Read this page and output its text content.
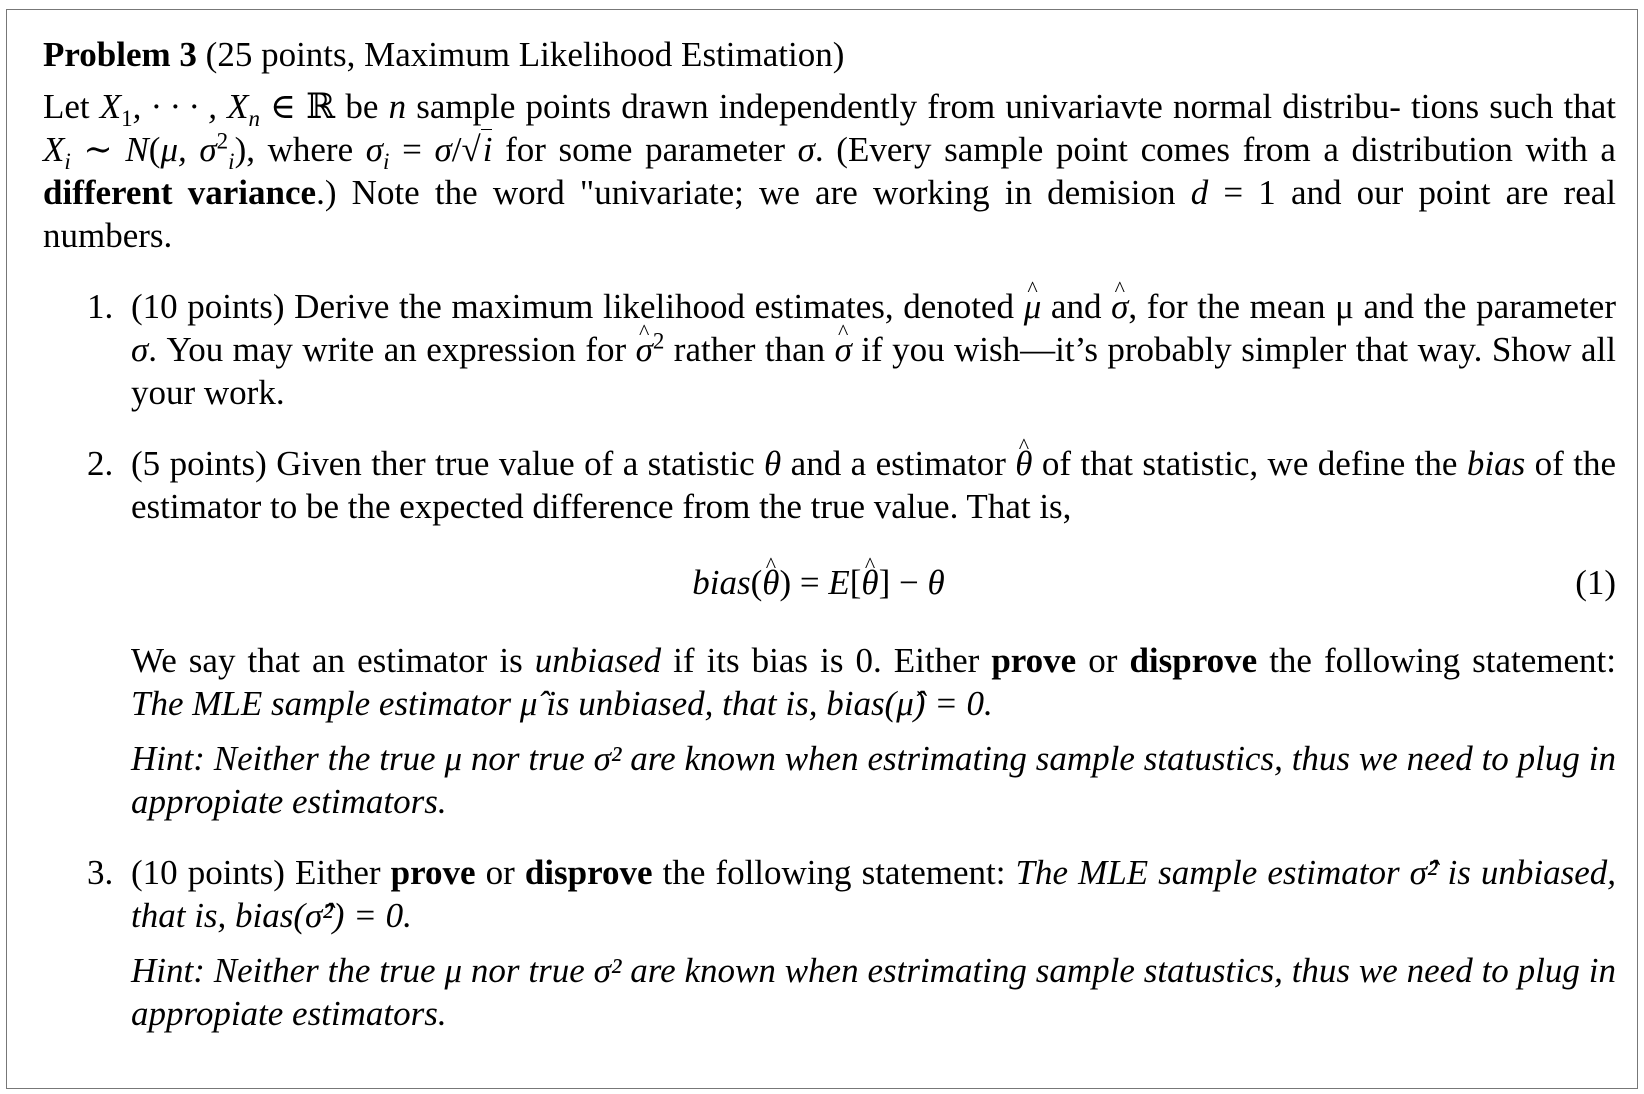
Problem 3 (25 points, Maximum Likelihood Estimation)

Let $X_1$, · · · , $X_n$ ∈ ℝ be n sample points drawn independently from univariavte normal distribu- tions such that $X_i$ ∼ N(μ, $\sigma^2_i$), where $\sigma_i = \sigma/√i$ for some parameter σ. (Every sample point comes from a distribution with a different variance.) Note the word "univariate; we are working in demision d = 1 and our point are real numbers.

1. (10 points) Derive the maximum likelihood estimates, denoted μ ^ and σ ^, for the mean μ and the parameter σ. You may write an expression for σ ^$^2$ rather than σ ^ if you wish—it’s probably simpler that way. Show all your work.
2. (5 points) Given ther true value of a statistic θ and a estimator θ ^ of that statistic, we define the bias of the estimator to be the expected difference from the true value. That is,
bias(θ ^) = E[θ ^] − θ	(1)
We say that an estimator is unbiased if its bias is 0. Either prove or disprove the following statement: The MLE sample estimator μ̂ is unbiased, that is, bias(μ̂) = 0.
Hint: Neither the true μ nor true σ² are known when estrimating sample statustics, thus we need to plug in appropiate estimators.
3. (10 points) Either prove or disprove the following statement: The MLE sample estimator σ̂² is unbiased, that is, bias(σ̂²) = 0.
Hint: Neither the true μ nor true σ² are known when estrimating sample statustics, thus we need to plug in appropiate estimators.
